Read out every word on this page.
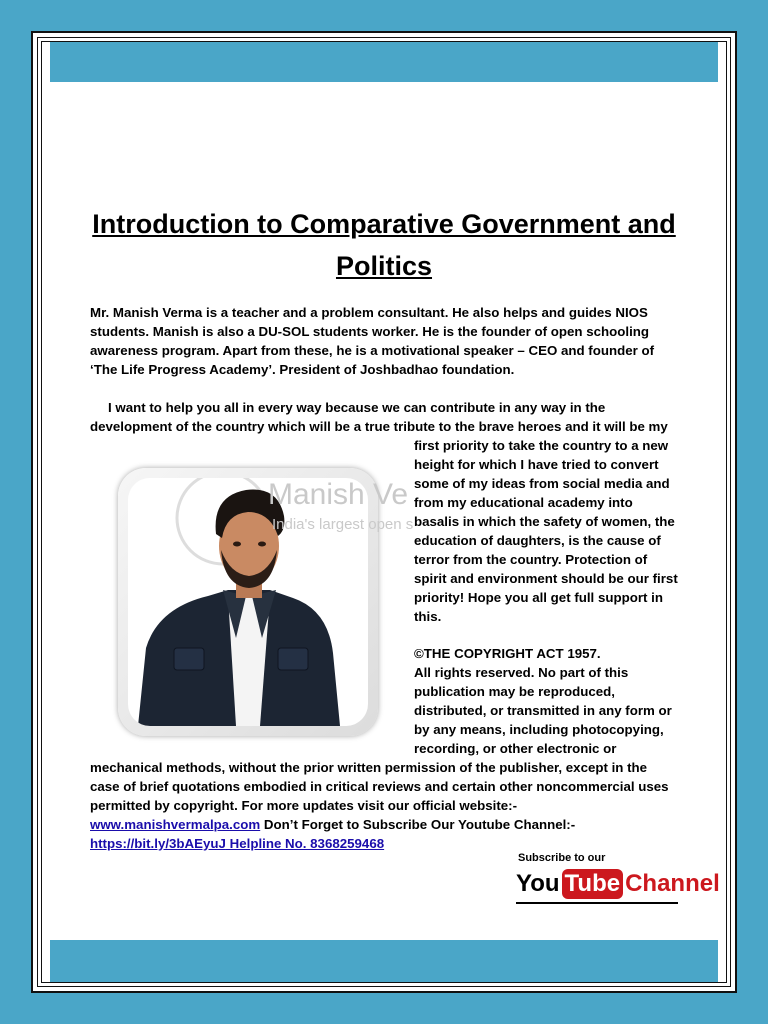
Introduction to Comparative Government and Politics
Mr. Manish Verma is a teacher and a problem consultant. He also helps and guides NIOS students. Manish is also a DU-SOL students worker. He is the founder of open schooling awareness program. Apart from these, he is a motivational speaker – CEO and founder of ‘The Life Progress Academy’. President of Joshbadhao foundation.
I want to help you all in every way because we can contribute in any way in the development of the country which will be a true tribute to the brave heroes and it will be my
first priority to take the country to a new
height for which I have tried to convert
some of my ideas from social media and
from my educational academy into
basalis in which the safety of women, the
education of daughters, is the cause of
terror from the country. Protection of
spirit and environment should be our first
priority! Hope you all get full support in
this.
©THE COPYRIGHT ACT 1957.
All rights reserved. No part of this
publication may be reproduced,
distributed, or transmitted in any form or
by any means, including photocopying,
recording, or other electronic or
mechanical methods, without the prior written permission of the publisher, except in the case of brief quotations embodied in critical reviews and certain other noncommercial uses permitted by copyright. For more updates visit our official website:- www.manishvermalpa.com Don’t Forget to Subscribe Our Youtube Channel:- https://bit.ly/3bAEyuJ Helpline No. 8368259468
Manish Ve
India's largest open s
Subscribe to our
You Tube Channel
